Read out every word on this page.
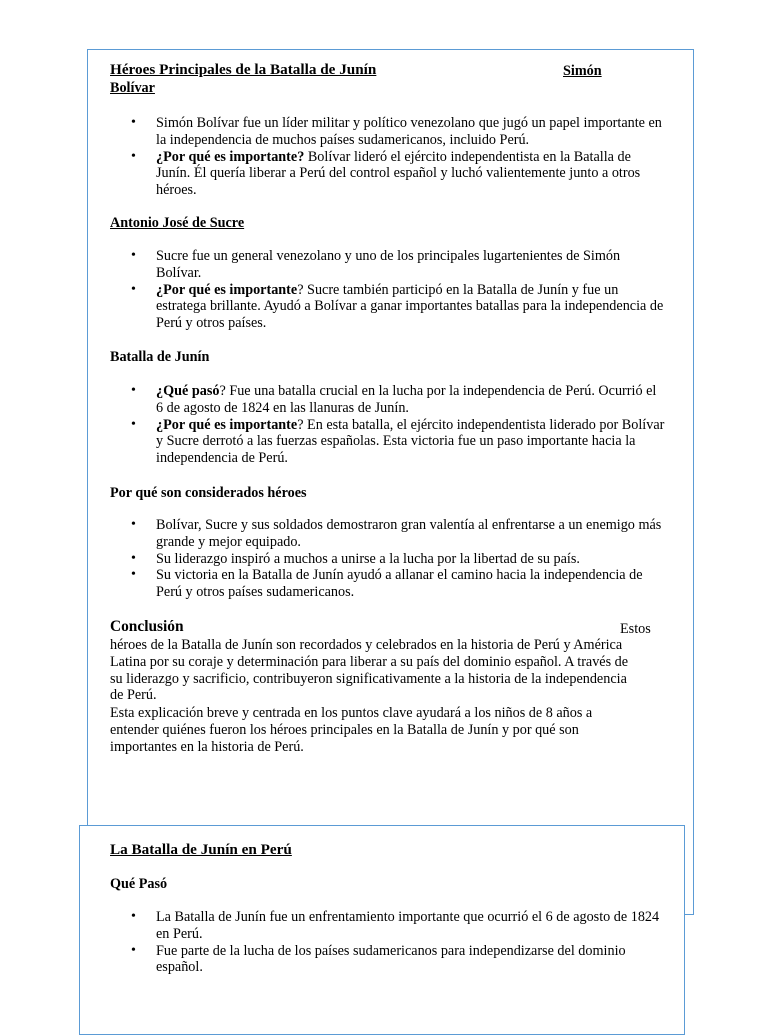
Héroes Principales de la Batalla de Junín	Simón
Bolívar
• Simón Bolívar fue un líder militar y político venezolano que jugó un papel importante en la independencia de muchos países sudamericanos, incluido Perú.
• ¿Por qué es importante? Bolívar lideró el ejército independentista en la Batalla de Junín. Él quería liberar a Perú del control español y luchó valientemente junto a otros héroes.
Antonio José de Sucre
• Sucre fue un general venezolano y uno de los principales lugartenientes de Simón Bolívar.
• ¿Por qué es importante? Sucre también participó en la Batalla de Junín y fue un estratega brillante. Ayudó a Bolívar a ganar importantes batallas para la independencia de Perú y otros países.
Batalla de Junín
• ¿Qué pasó? Fue una batalla crucial en la lucha por la independencia de Perú. Ocurrió el 6 de agosto de 1824 en las llanuras de Junín.
• ¿Por qué es importante? En esta batalla, el ejército independentista liderado por Bolívar y Sucre derrotó a las fuerzas españolas. Esta victoria fue un paso importante hacia la independencia de Perú.
Por qué son considerados héroes
• Bolívar, Sucre y sus soldados demostraron gran valentía al enfrentarse a un enemigo más grande y mejor equipado.
• Su liderazgo inspiró a muchos a unirse a la lucha por la libertad de su país.
• Su victoria en la Batalla de Junín ayudó a allanar el camino hacia la independencia de Perú y otros países sudamericanos.
Conclusión	Estos

héroes de la Batalla de Junín son recordados y celebrados en la historia de Perú y América Latina por su coraje y determinación para liberar a su país del dominio español. A través de su liderazgo y sacrificio, contribuyeron significativamente a la historia de la independencia de Perú.

Esta explicación breve y centrada en los puntos clave ayudará a los niños de 8 años a entender quiénes fueron los héroes principales en la Batalla de Junín y por qué son importantes en la historia de Perú.

La Batalla de Junín en Perú
Qué Pasó
• La Batalla de Junín fue un enfrentamiento importante que ocurrió el 6 de agosto de 1824 en Perú.
• Fue parte de la lucha de los países sudamericanos para independizarse del dominio español.
